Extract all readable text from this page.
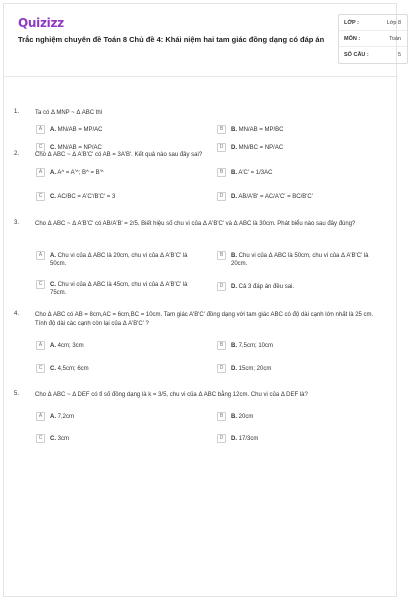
Quizizz
Trắc nghiệm chuyên đề Toán 8 Chủ đề 4: Khái niệm hai tam giác đồng dạng có đáp án
LỚP :	Lớp 8
MÔN :	Toán
SỐ CÂU :	5
1.	Ta có Δ MNP ~ Δ ABC thì
A	A. MN/AB = MP/AC	B	B. MN/AB = MP/BC
C	C. MN/AB = NP/AC	D	D. MN/BC = NP/AC
2.	Cho Δ ABC ~ Δ A'B'C' có AB = 3A'B'. Kết quả nào sau đây sai?
A	A. A^ = A'^; B^ = B'^	B	B. A'C' = 1/3AC
C	C. AC/BC = A'C'/B'C' = 3	D	D. AB/A'B' = AC/A'C' = BC/B'C'
3.	Cho Δ ABC ~ Δ A'B'C' có AB/A'B' = 2/5. Biết hiệu số chu vi của Δ A'B'C' và Δ ABC là 30cm. Phát biểu nào sau đây đúng?
A	A. Chu vi của Δ ABC là 20cm, chu vi của Δ A'B'C' là 50cm.
B	B. Chu vi của Δ ABC là 50cm, chu vi của Δ A'B'C' là 20cm.
C	C. Chu vi của Δ ABC là 45cm, chu vi của Δ A'B'C' là 75cm.
D	D. Cả 3 đáp án đều sai.
4.	Cho Δ ABC có AB = 8cm,AC = 6cm,BC = 10cm. Tam giác A'B'C' đồng dạng với tam giác ABC có độ dài cạnh lớn nhất là 25 cm. Tính độ dài các cạnh còn lại của Δ A'B'C' ?
A	A. 4cm; 3cm	B	B. 7,5cm; 10cm
C	C. 4,5cm; 6cm	D	D. 15cm; 20cm
5.	Cho Δ ABC ~ Δ DEF có tỉ số đồng dạng là k = 3/5, chu vi của Δ ABC bằng 12cm. Chu vi của Δ DEF là?
A	A. 7,2cm	B	B. 20cm
C	C. 3cm	D	D. 17/3cm
